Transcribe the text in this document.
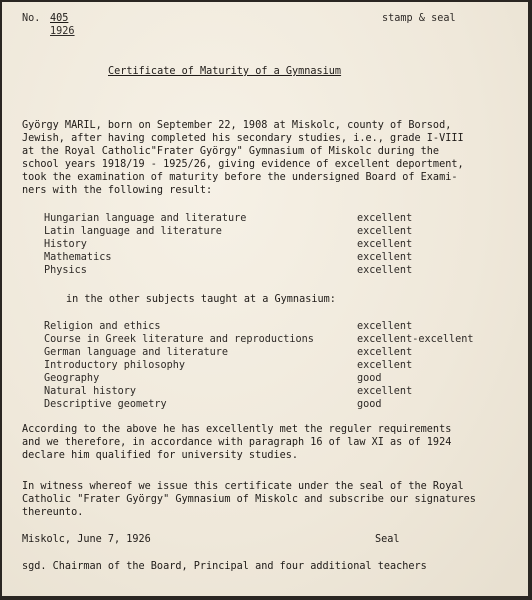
No. 405
1926
stamp & seal
Certificate of Maturity of a Gymnasium
György MARIL, born on September 22, 1908 at Miskolc, county of Borsod,
Jewish, after having completed his secondary studies, i.e., grade I-VIII
at the Royal Catholic"Frater György" Gymnasium of Miskolc during the
school years 1918/19 - 1925/26, giving evidence of excellent deportment,
took the examination of maturity before the undersigned Board of Exami-
ners with the following result:
Hungarian language and literature	excellent
Latin language and literature	excellent
History	excellent
Mathematics	excellent
Physics	excellent
in the other subjects taught at a Gymnasium:
Religion and ethics	excellent
Course in Greek literature and reproductions	excellent-excellent
German language and literature	excellent
Introductory philosophy	excellent
Geography	good
Natural history	excellent
Descriptive geometry	good
According to the above he has excellently met the reguler requirements
and we therefore, in accordance with paragraph 16 of law XI as of 1924
declare him qualified for university studies.
In witness whereof we issue this certificate under the seal of the Royal
Catholic "Frater György" Gymnasium of Miskolc and subscribe our signatures
thereunto.
Miskolc, June 7, 1926	Seal
sgd. Chairman of the Board, Principal and four additional teachers
